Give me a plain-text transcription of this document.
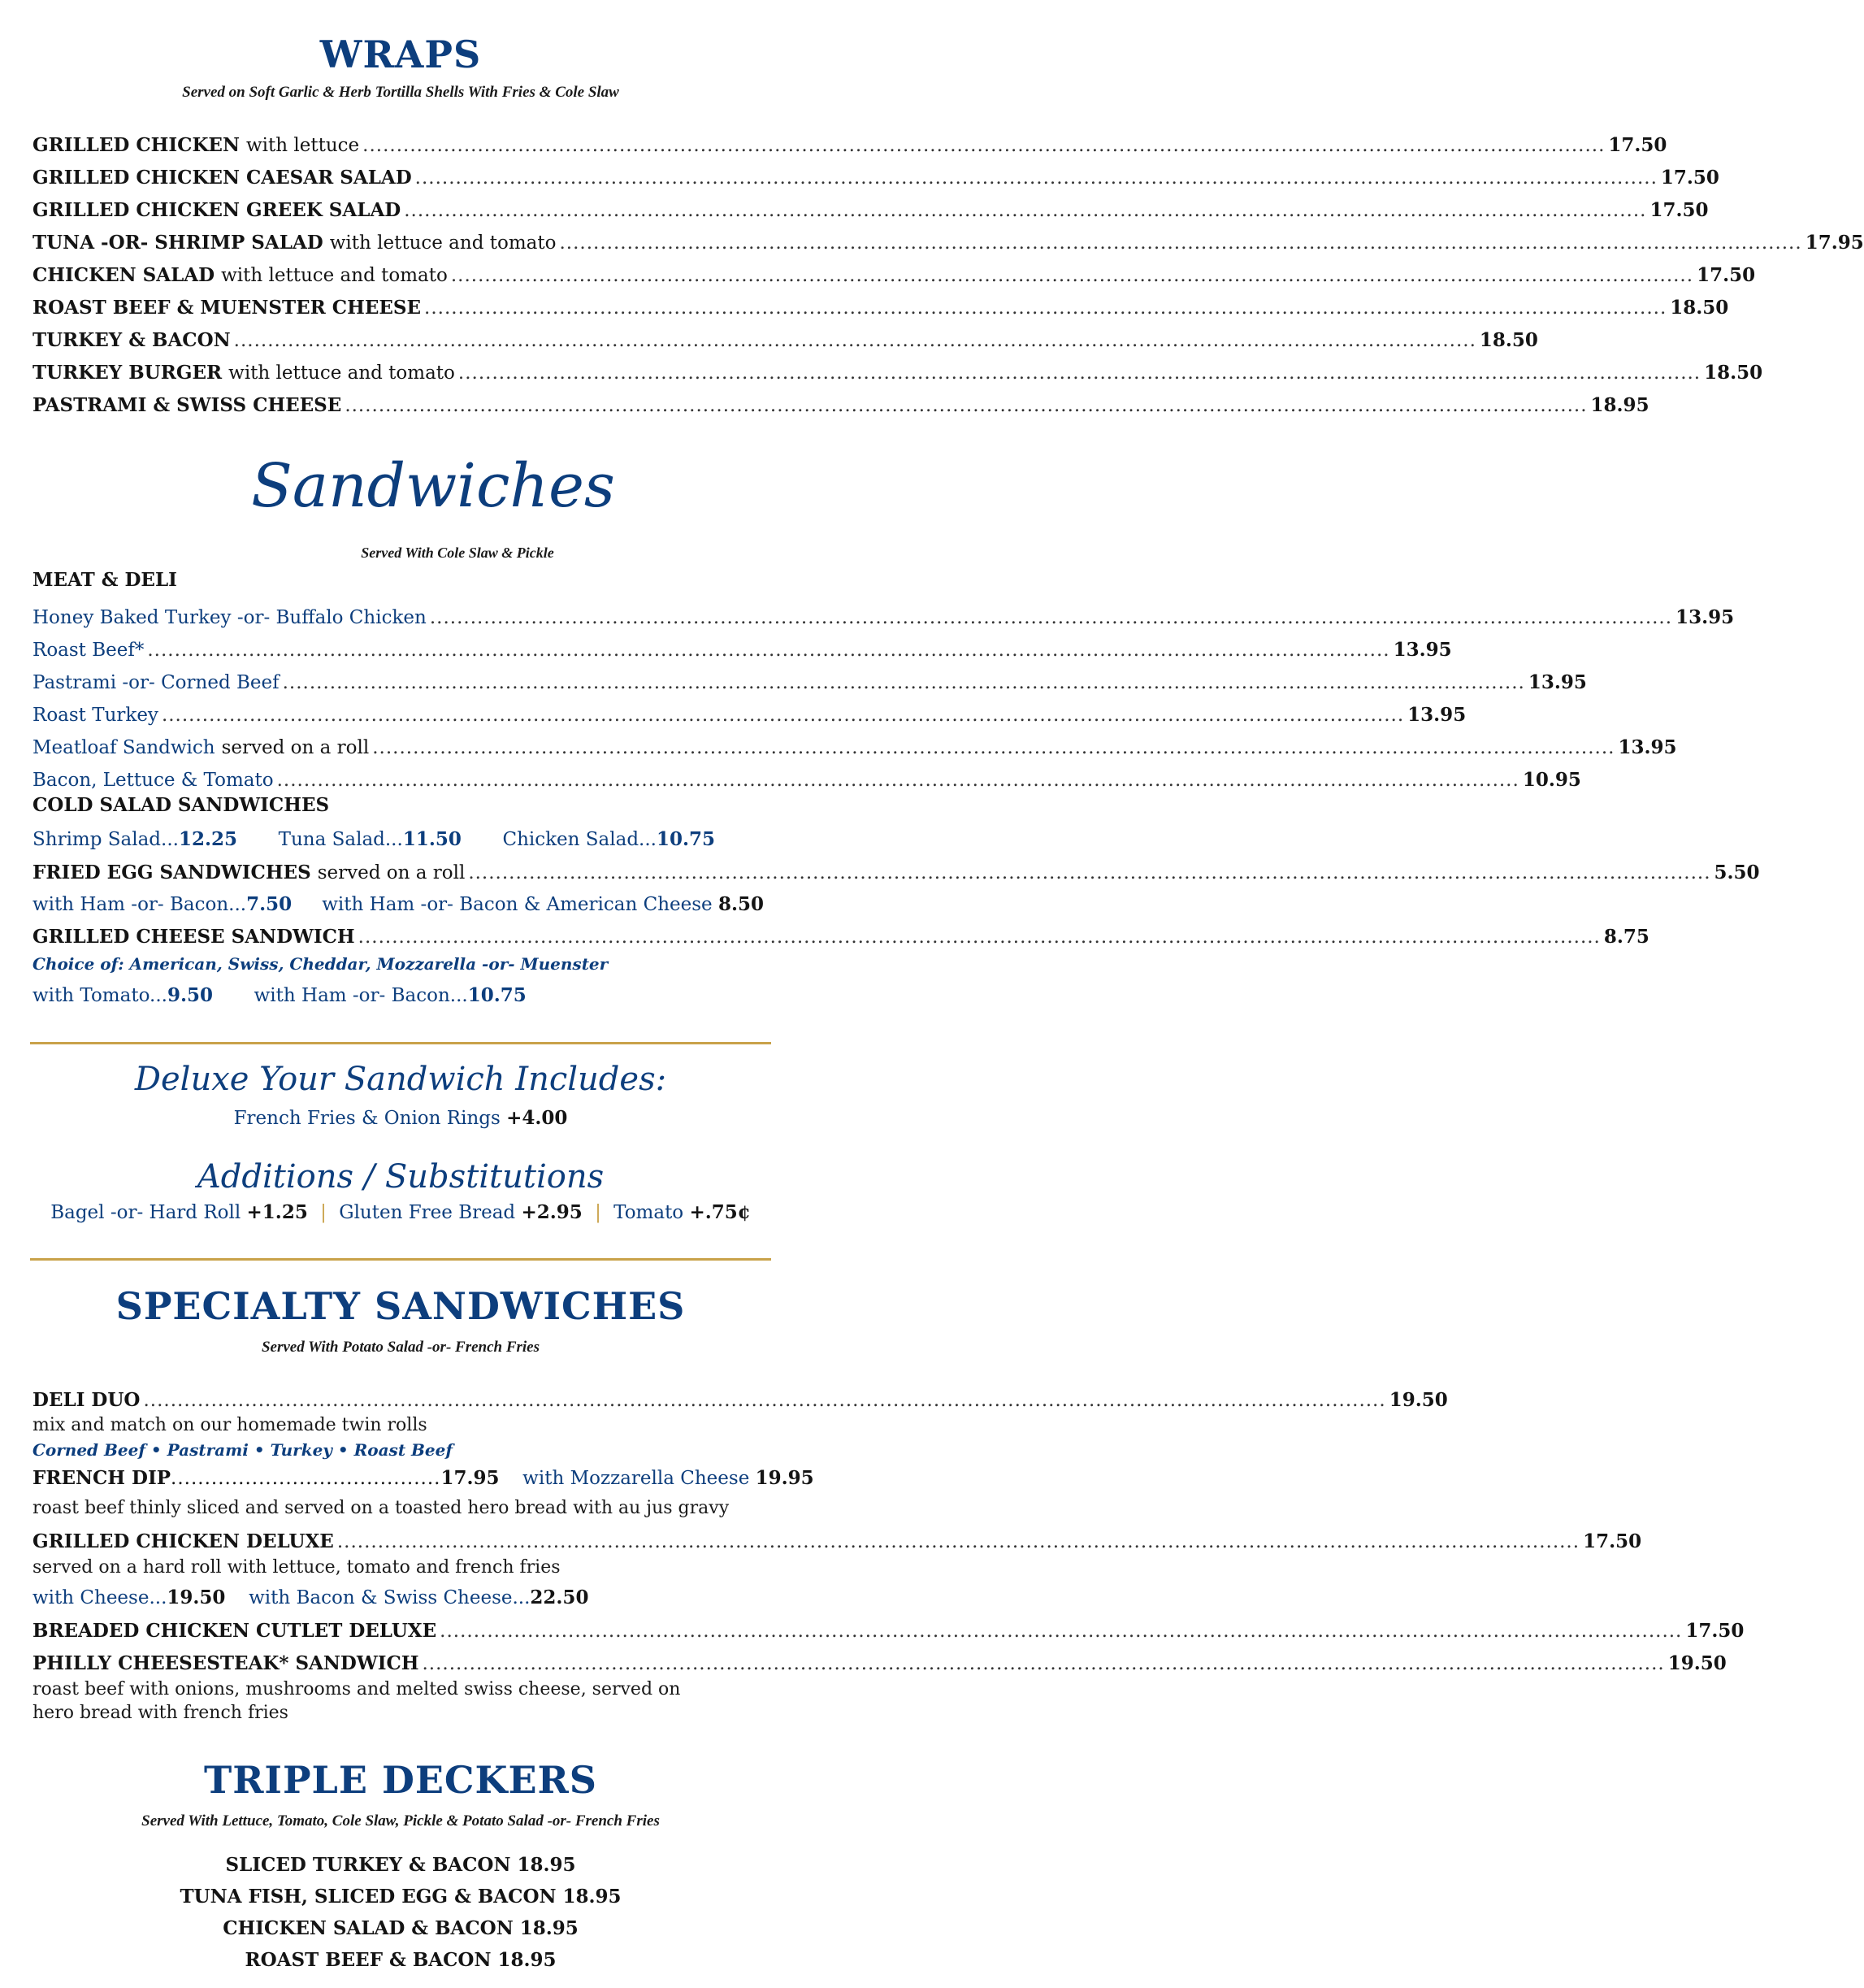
WRAPS
Served on Soft Garlic & Herb Tortilla Shells With Fries & Cole Slaw
GRILLED CHICKEN with lettuce .....	17.50
GRILLED CHICKEN CAESAR SALAD .....	17.50
GRILLED CHICKEN GREEK SALAD .....	17.50
TUNA -OR- SHRIMP SALAD with lettuce and tomato .....	17.95
CHICKEN SALAD with lettuce and tomato .....	17.50
ROAST BEEF & MUENSTER CHEESE .....	18.50
TURKEY & BACON .....	18.50
TURKEY BURGER with lettuce and tomato .....	18.50
PASTRAMI & SWISS CHEESE .....	18.95
Sandwiches
Served With Cole Slaw & Pickle
MEAT & DELI
Honey Baked Turkey -or- Buffalo Chicken .....	13.95
Roast Beef* .....	13.95
Pastrami -or- Corned Beef .....	13.95
Roast Turkey .....	13.95
Meatloaf Sandwich served on a roll .....	13.95
Bacon, Lettuce & Tomato .....	10.95
COLD SALAD SANDWICHES
Shrimp Salad...12.25 Tuna Salad...11.50 Chicken Salad...10.75
FRIED EGG SANDWICHES served on a roll .....	5.50
with Ham -or- Bacon...7.50 with Ham -or- Bacon & American Cheese 8.50
GRILLED CHEESE SANDWICH .....	8.75
Choice of: American, Swiss, Cheddar, Mozzarella -or- Muenster
with Tomato...9.50 with Ham -or- Bacon...10.75
Deluxe Your Sandwich Includes:
French Fries & Onion Rings +4.00
Additions / Substitutions
Bagel -or- Hard Roll +1.25 | Gluten Free Bread +2.95 | Tomato +.75¢
SPECIALTY SANDWICHES
Served With Potato Salad -or- French Fries
DELI DUO .....	19.50
mix and match on our homemade twin rolls
Corned Beef • Pastrami • Turkey • Roast Beef
FRENCH DIP........................................17.95 with Mozzarella Cheese 19.95
roast beef thinly sliced and served on a toasted hero bread with au jus gravy
GRILLED CHICKEN DELUXE .....	17.50
served on a hard roll with lettuce, tomato and french fries
with Cheese...19.50 with Bacon & Swiss Cheese...22.50
BREADED CHICKEN CUTLET DELUXE .....	17.50
PHILLY CHEESESTEAK* SANDWICH .....	19.50
roast beef with onions, mushrooms and melted swiss cheese, served on
hero bread with french fries
TRIPLE DECKERS
Served With Lettuce, Tomato, Cole Slaw, Pickle & Potato Salad -or- French Fries
SLICED TURKEY & BACON 18.95
TUNA FISH, SLICED EGG & BACON 18.95
CHICKEN SALAD & BACON 18.95
ROAST BEEF & BACON 18.95
